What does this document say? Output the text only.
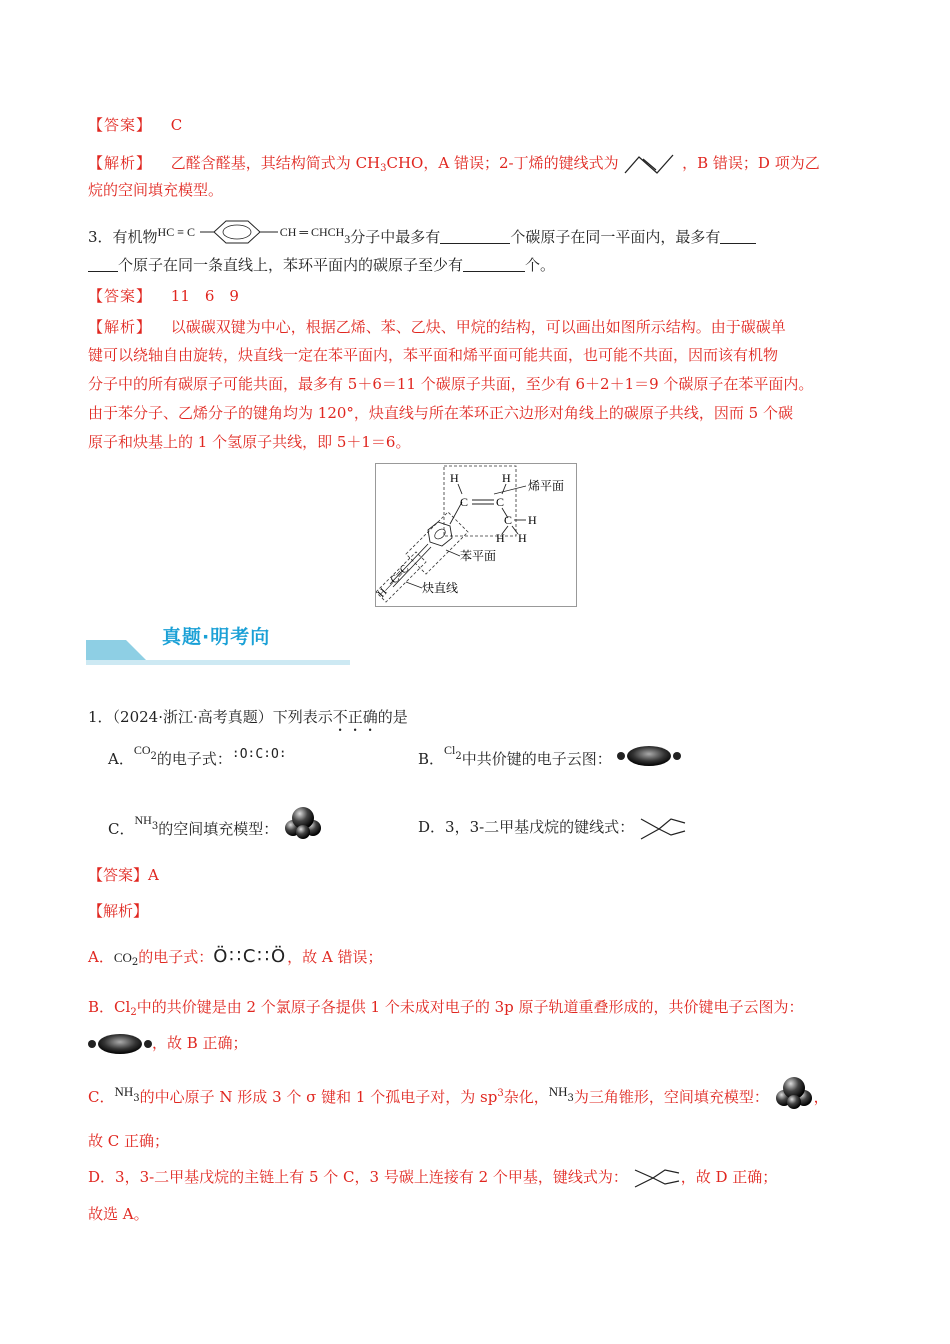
【答案】 C
【解析】 乙醛含醛基，其结构简式为 $CH_3CHO$，A 错误；2-丁烯的键线式为	，B 错误；D 项为乙
烷的空间填充模型。
3．有机物$^{HC \equiv C}$	$^{CH ═ CHCH}_3$分子中最多有	个碳原子在同一平面内，最多有
个原子在同一条直线上，苯环平面内的碳原子至少有	个。
【答案】 11　6　9
【解析】 以碳碳双键为中心，根据乙烯、苯、乙炔、甲烷的结构，可以画出如图所示结构。由于碳碳单
键可以绕轴自由旋转，炔直线一定在苯平面内，苯平面和烯平面可能共面，也可能不共面，因而该有机物
分子中的所有碳原子可能共面，最多有 5＋6＝11 个碳原子共面，至少有 6＋2＋1＝9 个碳原子在苯平面内。
由于苯分子、乙烯分子的键角均为 120°，炔直线与所在苯环正六边形对角线上的碳原子共线，因而 5 个碳
原子和炔基上的 1 个氢原子共线，即 5＋1＝6。
H	H
C C
C H
H H
H—C≡C
烯平面
苯平面
炔直线
真题·明考向
1．（2024·浙江·高考真题）下列表示不正确的是
A．$^{CO2}$的电子式：∶O∶C∶O∶	B．$^{Cl2}$中共价键的电子云图：
C．$^{NH3}$的空间填充模型：	D．3，3-二甲基戊烷的键线式：
【答案】A
【解析】
A．$CO_2$的电子式：Ö∷C∷Ö，故 A 错误；
B．$Cl_2$中的共价键是由 2 个氯原子各提供 1 个未成对电子的 3p 原子轨道重叠形成的，共价键电子云图为：
，故 B 正确；
C．$NH_3$的中心原子 N 形成 3 个 σ 键和 1 个孤电子对，为 $sp^3$杂化，$NH_3$为三角锥形，空间填充模型：	，
故 C 正确；
D．3，3-二甲基戊烷的主链上有 5 个 C，3 号碳上连接有 2 个甲基，键线式为：	，故 D 正确；
故选 A。
